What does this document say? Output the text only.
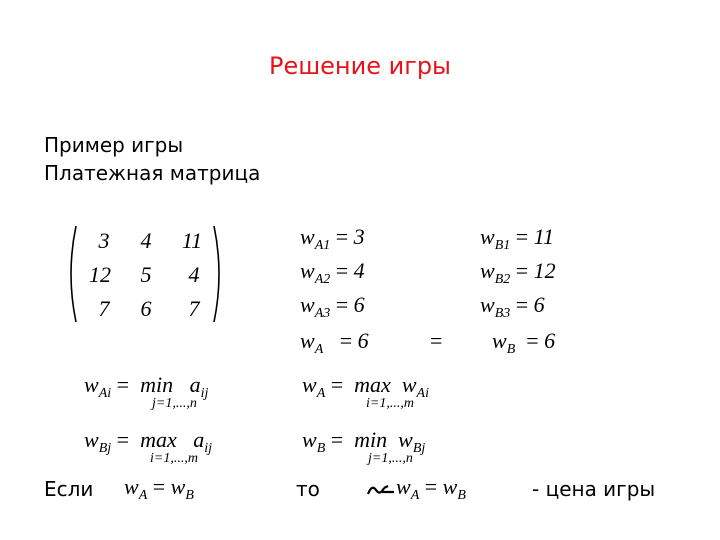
Решение игры
Пример игры
Платежная матрица
3	4	11
12	5	4
7	6	7
$w_{A1} = 3$
$w_{A2} = 4$
$w_{A3} = 6$
$w_A = 6$	=
$w_{B1} = 11$
$w_{B2} = 12$
$w_{B3} = 6$
$w_B = 6$
$w_{Ai} = \min a_{ij}$
j=1,...,n
$w_A = \max w_{Ai}$
i=1,...,m
$w_{Bj} = \max a_{ij}$
i=1,...,m
$w_B = \min w_{Bj}$
j=1,...,n
Если $w_A = w_B$	то	$w_A = w_B$	- цена игры
